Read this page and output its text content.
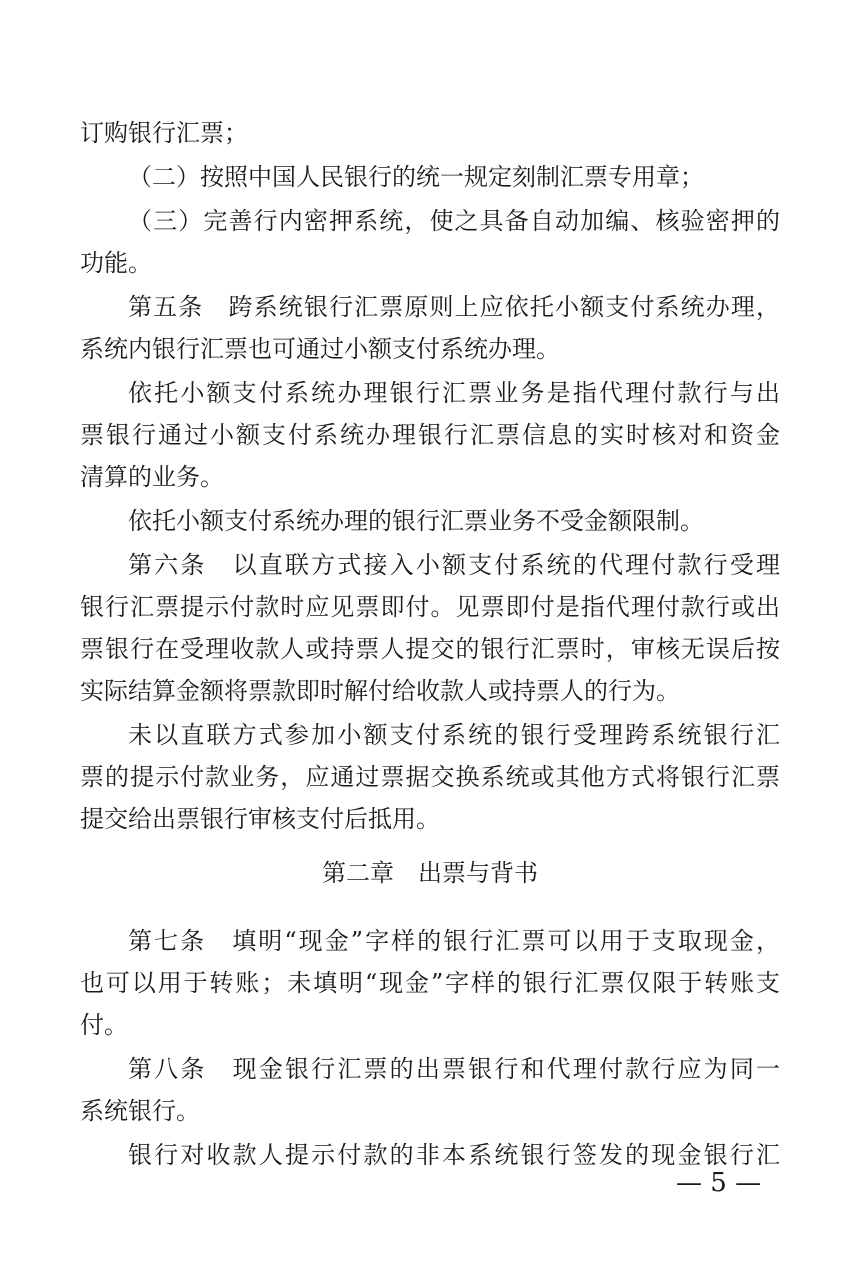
订购银行汇票；
（二）按照中国人民银行的统一规定刻制汇票专用章；
（三）完善行内密押系统，使之具备自动加编、核验密押的
功能。
第五条　跨系统银行汇票原则上应依托小额支付系统办理，
系统内银行汇票也可通过小额支付系统办理。
依托小额支付系统办理银行汇票业务是指代理付款行与出
票银行通过小额支付系统办理银行汇票信息的实时核对和资金
清算的业务。
依托小额支付系统办理的银行汇票业务不受金额限制。
第六条　以直联方式接入小额支付系统的代理付款行受理
银行汇票提示付款时应见票即付。见票即付是指代理付款行或出
票银行在受理收款人或持票人提交的银行汇票时，审核无误后按
实际结算金额将票款即时解付给收款人或持票人的行为。
未以直联方式参加小额支付系统的银行受理跨系统银行汇
票的提示付款业务，应通过票据交换系统或其他方式将银行汇票
提交给出票银行审核支付后抵用。
第二章 出票与背书
第七条　填明“现金”字样的银行汇票可以用于支取现金，
也可以用于转账；未填明“现金”字样的银行汇票仅限于转账支
付。
第八条　现金银行汇票的出票银行和代理付款行应为同一
系统银行。
银行对收款人提示付款的非本系统银行签发的现金银行汇
— 5 —
